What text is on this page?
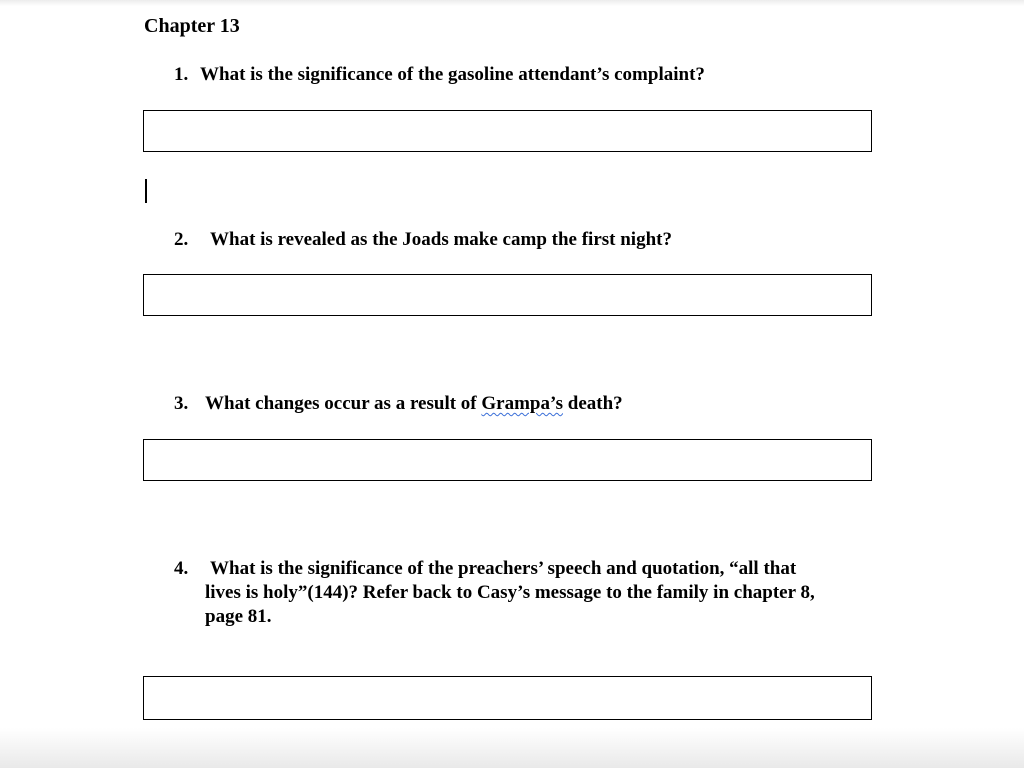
Chapter 13
1. What is the significance of the gasoline attendant’s complaint?
2. What is revealed as the Joads make camp the first night?
3. What changes occur as a result of Grampa’s death?
4. What is the significance of the preachers’ speech and quotation, “all that
lives is holy”(144)? Refer back to Casy’s message to the family in chapter 8,
page 81.
